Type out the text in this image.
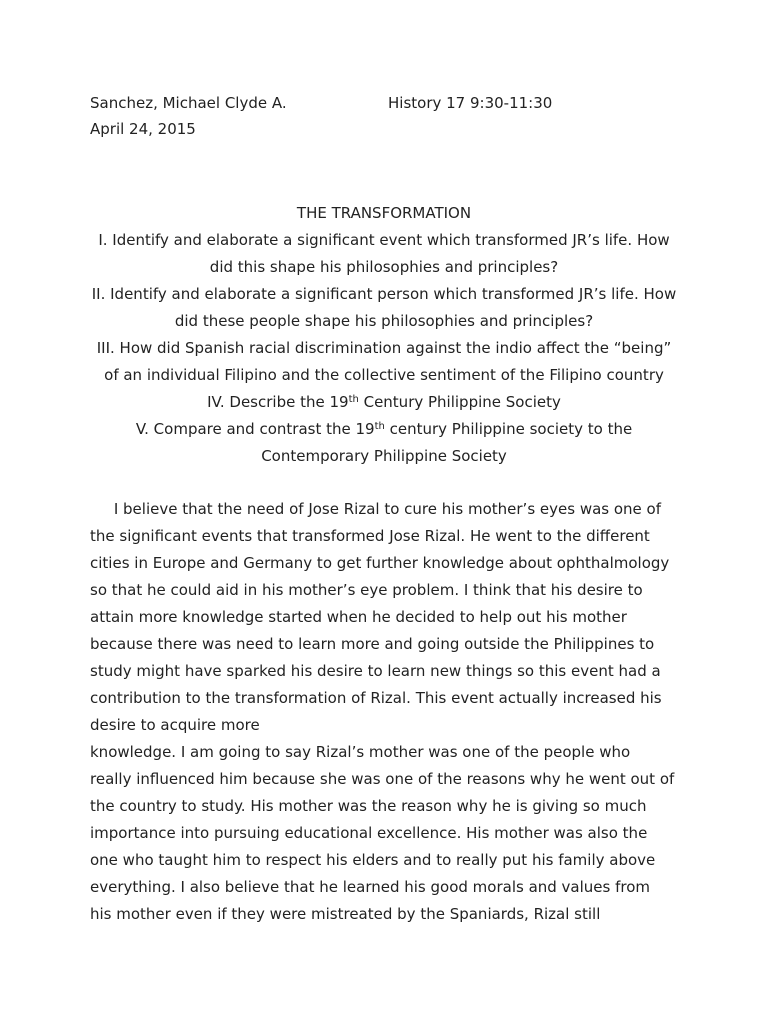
Sanchez, Michael Clyde A.	History 17 9:30-11:30
April 24, 2015

THE TRANSFORMATION

I. Identify and elaborate a significant event which transformed JR’s life. How

did this shape his philosophies and principles?

II. Identify and elaborate a significant person which transformed JR’s life. How

did these people shape his philosophies and principles?

III. How did Spanish racial discrimination against the indio affect the “being”

of an individual Filipino and the collective sentiment of the Filipino country

IV. Describe the 19th Century Philippine Society

V. Compare and contrast the 19th century Philippine society to the

Contemporary Philippine Society

I believe that the need of Jose Rizal to cure his mother’s eyes was one of

the significant events that transformed Jose Rizal. He went to the different

cities in Europe and Germany to get further knowledge about ophthalmology

so that he could aid in his mother’s eye problem. I think that his desire to

attain more knowledge started when he decided to help out his mother

because there was need to learn more and going outside the Philippines to

study might have sparked his desire to learn new things so this event had a

contribution to the transformation of Rizal. This event actually increased his

desire to acquire more

knowledge. I am going to say Rizal’s mother was one of the people who

really influenced him because she was one of the reasons why he went out of

the country to study. His mother was the reason why he is giving so much

importance into pursuing educational excellence. His mother was also the

one who taught him to respect his elders and to really put his family above

everything. I also believe that he learned his good morals and values from

his mother even if they were mistreated by the Spaniards, Rizal still
